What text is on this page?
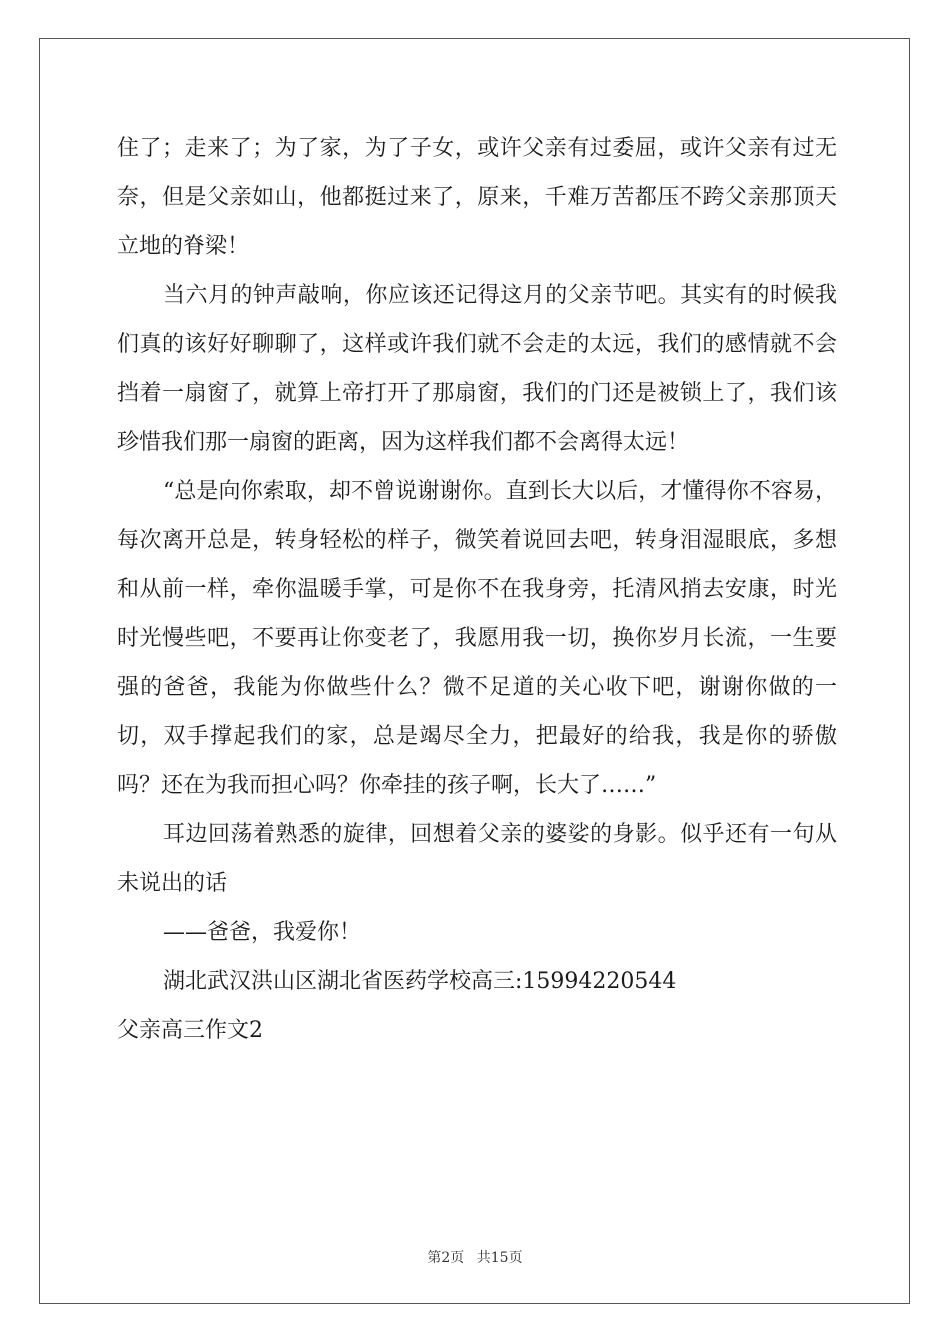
住了；走来了；为了家，为了子女，或许父亲有过委屈，或许父亲有过无奈，但是父亲如山，他都挺过来了，原来，千难万苦都压不跨父亲那顶天立地的脊梁！

当六月的钟声敲响，你应该还记得这月的父亲节吧。其实有的时候我们真的该好好聊聊了，这样或许我们就不会走的太远，我们的感情就不会挡着一扇窗了，就算上帝打开了那扇窗，我们的门还是被锁上了，我们该珍惜我们那一扇窗的距离，因为这样我们都不会离得太远！

“总是向你索取，却不曾说谢谢你。直到长大以后，才懂得你不容易，每次离开总是，转身轻松的样子，微笑着说回去吧，转身泪湿眼底，多想和从前一样，牵你温暖手掌，可是你不在我身旁，托清风捎去安康，时光时光慢些吧，不要再让你变老了，我愿用我一切，换你岁月长流，一生要强的爸爸，我能为你做些什么？微不足道的关心收下吧，谢谢你做的一切，双手撑起我们的家，总是竭尽全力，把最好的给我，我是你的骄傲吗？还在为我而担心吗？你牵挂的孩子啊，长大了……”

耳边回荡着熟悉的旋律，回想着父亲的婆娑的身影。似乎还有一句从未说出的话

——爸爸，我爱你！

湖北武汉洪山区湖北省医药学校高三:15994220544

父亲高三作文2

第2页 共15页
